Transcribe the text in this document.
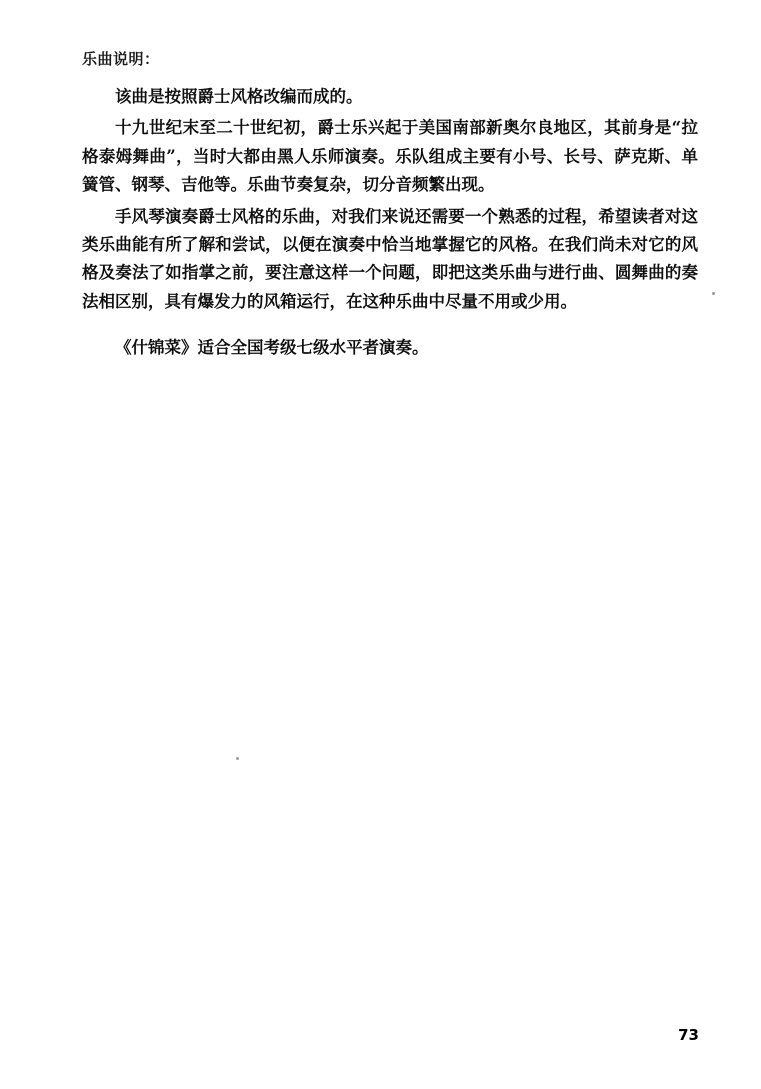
乐曲说明：

该曲是按照爵士风格改编而成的。

十九世纪末至二十世纪初，爵士乐兴起于美国南部新奥尔良地区，其前身是“拉格泰姆舞曲”，当时大都由黑人乐师演奏。乐队组成主要有小号、长号、萨克斯、单簧管、钢琴、吉他等。乐曲节奏复杂，切分音频繁出现。

手风琴演奏爵士风格的乐曲，对我们来说还需要一个熟悉的过程，希望读者对这类乐曲能有所了解和尝试，以便在演奏中恰当地掌握它的风格。在我们尚未对它的风格及奏法了如指掌之前，要注意这样一个问题，即把这类乐曲与进行曲、圆舞曲的奏法相区别，具有爆发力的风箱运行，在这种乐曲中尽量不用或少用。

《什锦菜》适合全国考级七级水平者演奏。

73
